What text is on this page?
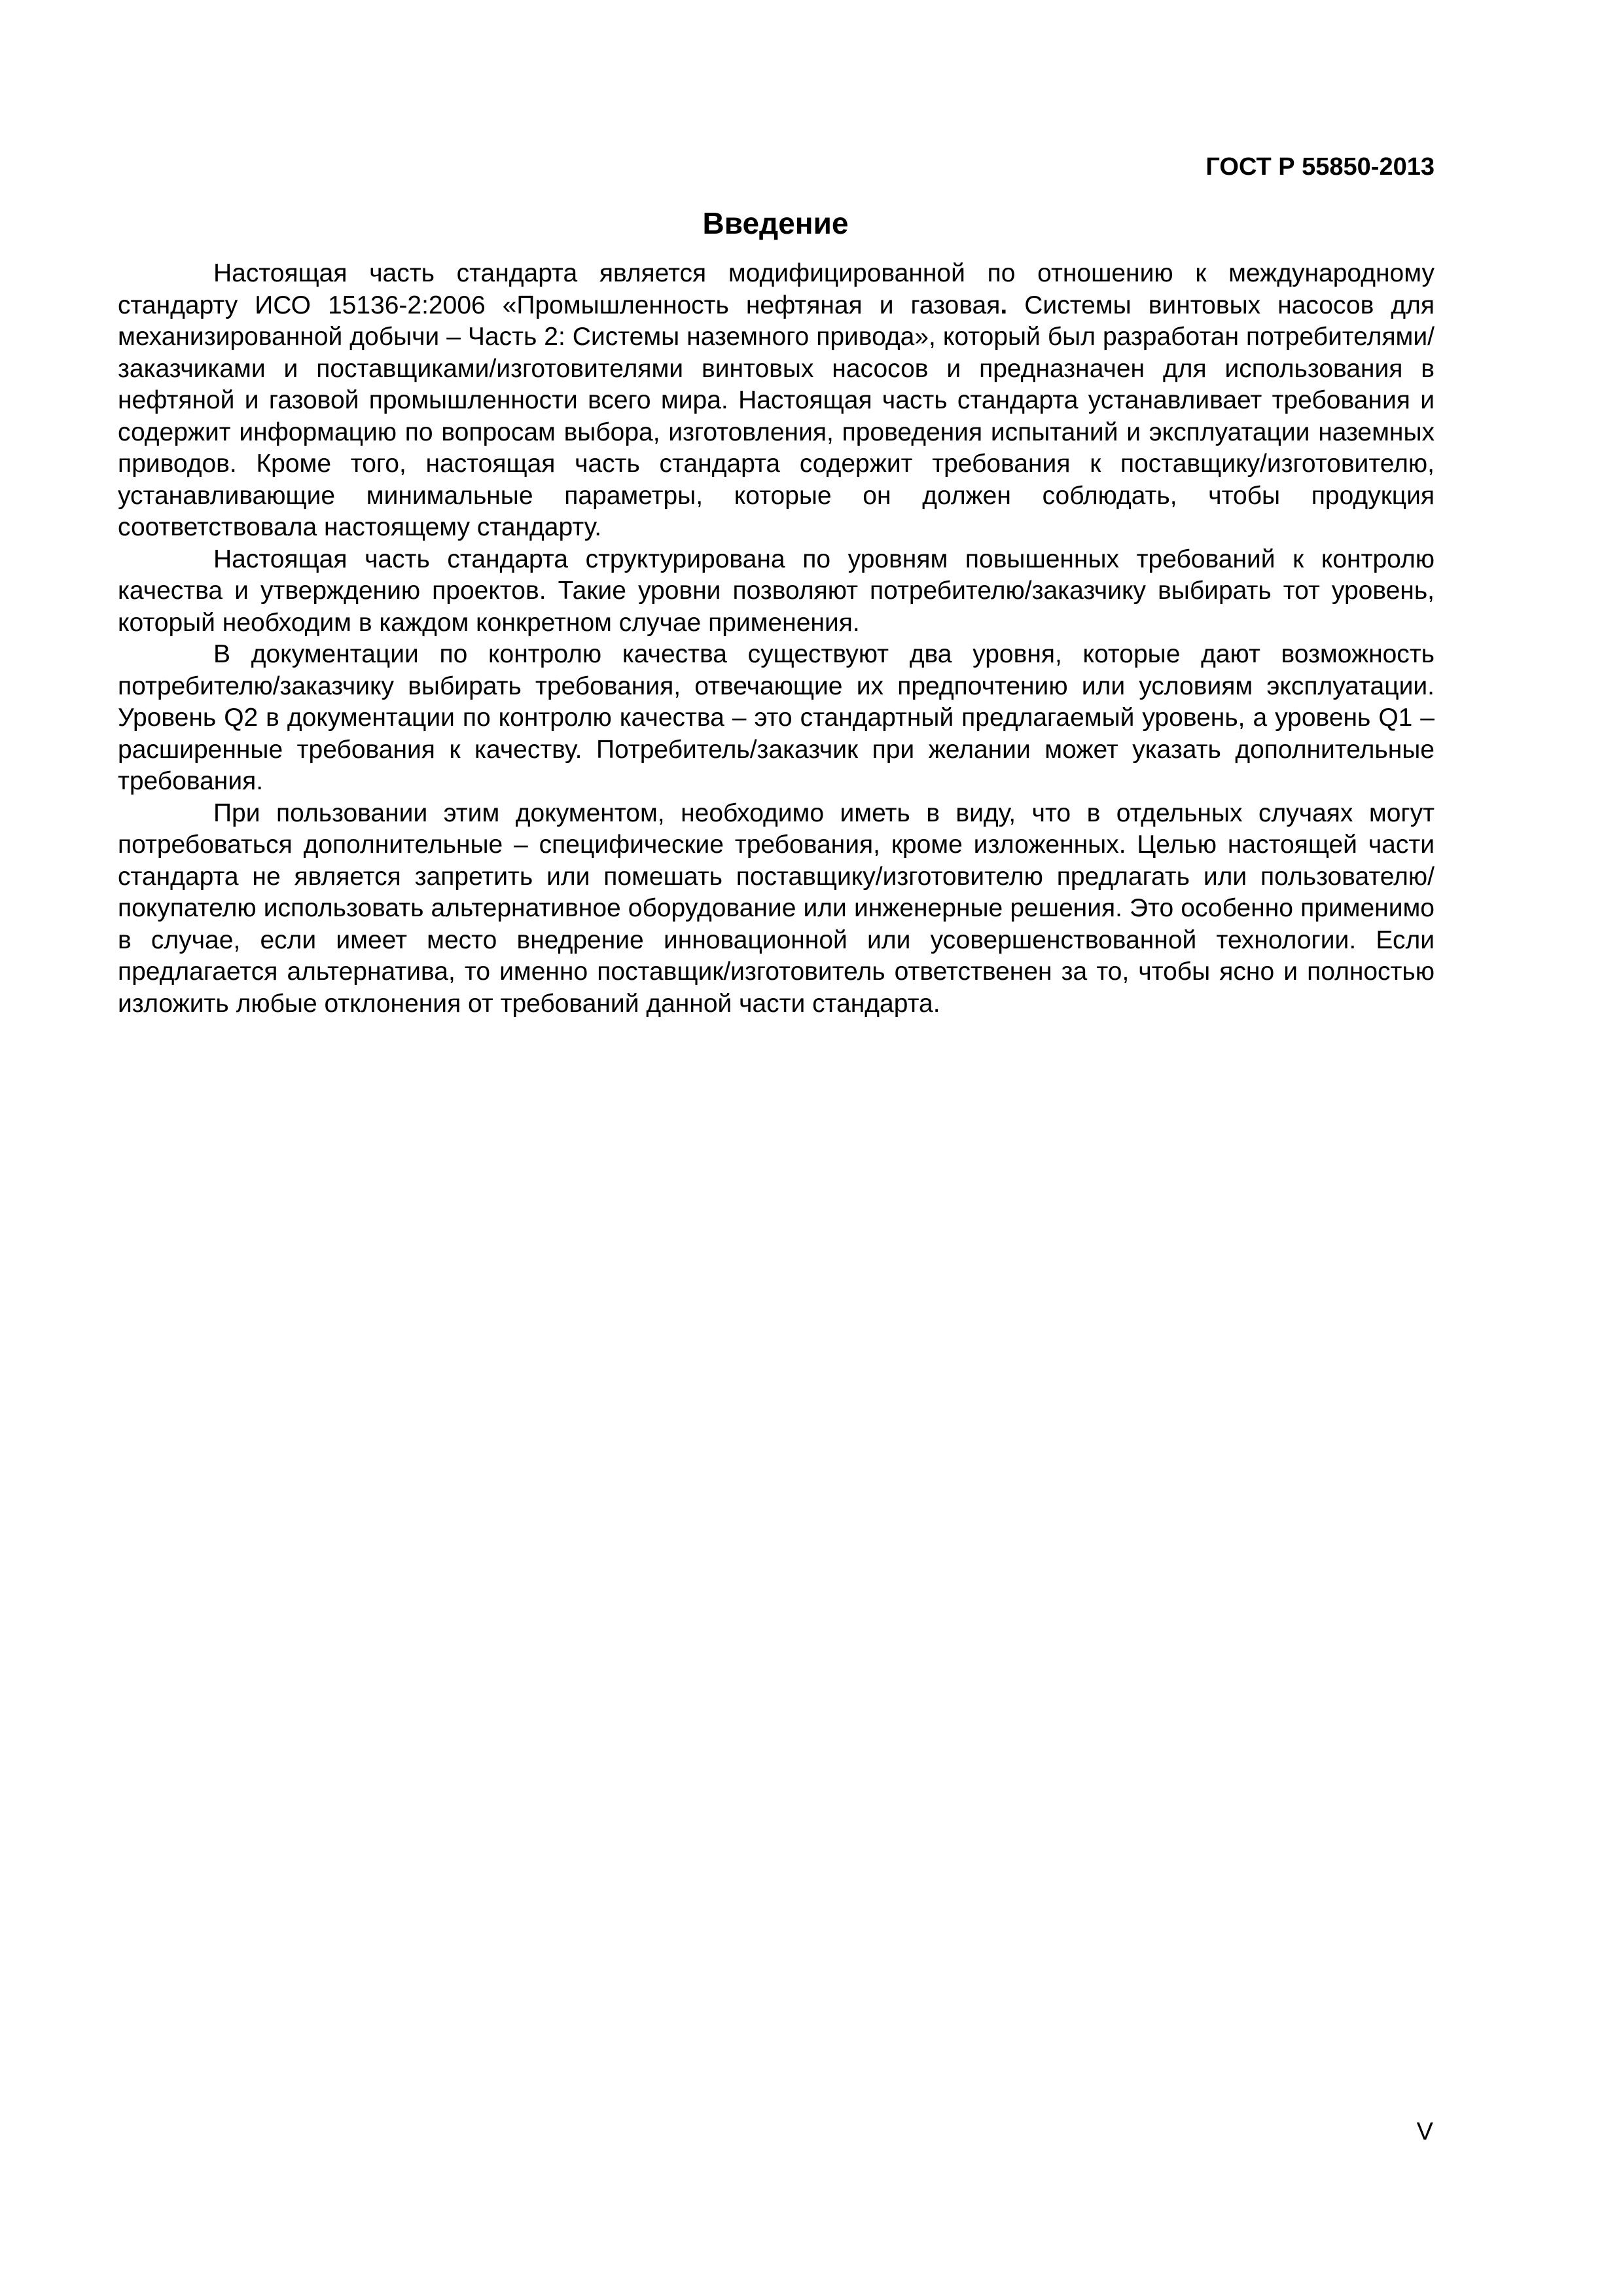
ГОСТ Р 55850-2013
Введение

Настоящая часть стандарта является модифицированной по отношению к международному стандарту ИСО 15136-2:2006 «Промышленность нефтяная и газовая. Системы винтовых насосов для механизированной добычи – Часть 2: Системы наземного привода», который был разработан потребителями/заказчиками и поставщиками/изготовителями винтовых насосов и предназначен для использования в нефтяной и газовой промышленности всего мира. Настоящая часть стандарта устанавливает требования и содержит информацию по вопросам выбора, изготовления, проведения испытаний и эксплуатации наземных приводов. Кроме того, настоящая часть стандарта содержит требования к поставщику/изготовителю, устанавливающие минимальные параметры, которые он должен соблюдать, чтобы продукция соответствовала настоящему стандарту.

Настоящая часть стандарта структурирована по уровням повышенных требований к контролю качества и утверждению проектов. Такие уровни позволяют потребителю/заказчику выбирать тот уровень, который необходим в каждом конкретном случае применения.

В документации по контролю качества существуют два уровня, которые дают возможность потребителю/заказчику выбирать требования, отвечающие их предпочтению или условиям эксплуатации. Уровень Q2 в документации по контролю качества – это стандартный предлагаемый уровень, а уровень Q1 – расширенные требования к качеству. Потребитель/заказчик при желании может указать дополнительные требования.

При пользовании этим документом, необходимо иметь в виду, что в отдельных случаях могут потребоваться дополнительные – специфические требования, кроме изложенных. Целью настоящей части стандарта не является запретить или помешать поставщику/изготовителю предлагать или пользователю/покупателю использовать альтернативное оборудование или инженерные решения. Это особенно применимо в случае, если имеет место внедрение инновационной или усовершенствованной технологии. Если предлагается альтернатива, то именно поставщик/изготовитель ответственен за то, чтобы ясно и полностью изложить любые отклонения от требований данной части стандарта.

V
